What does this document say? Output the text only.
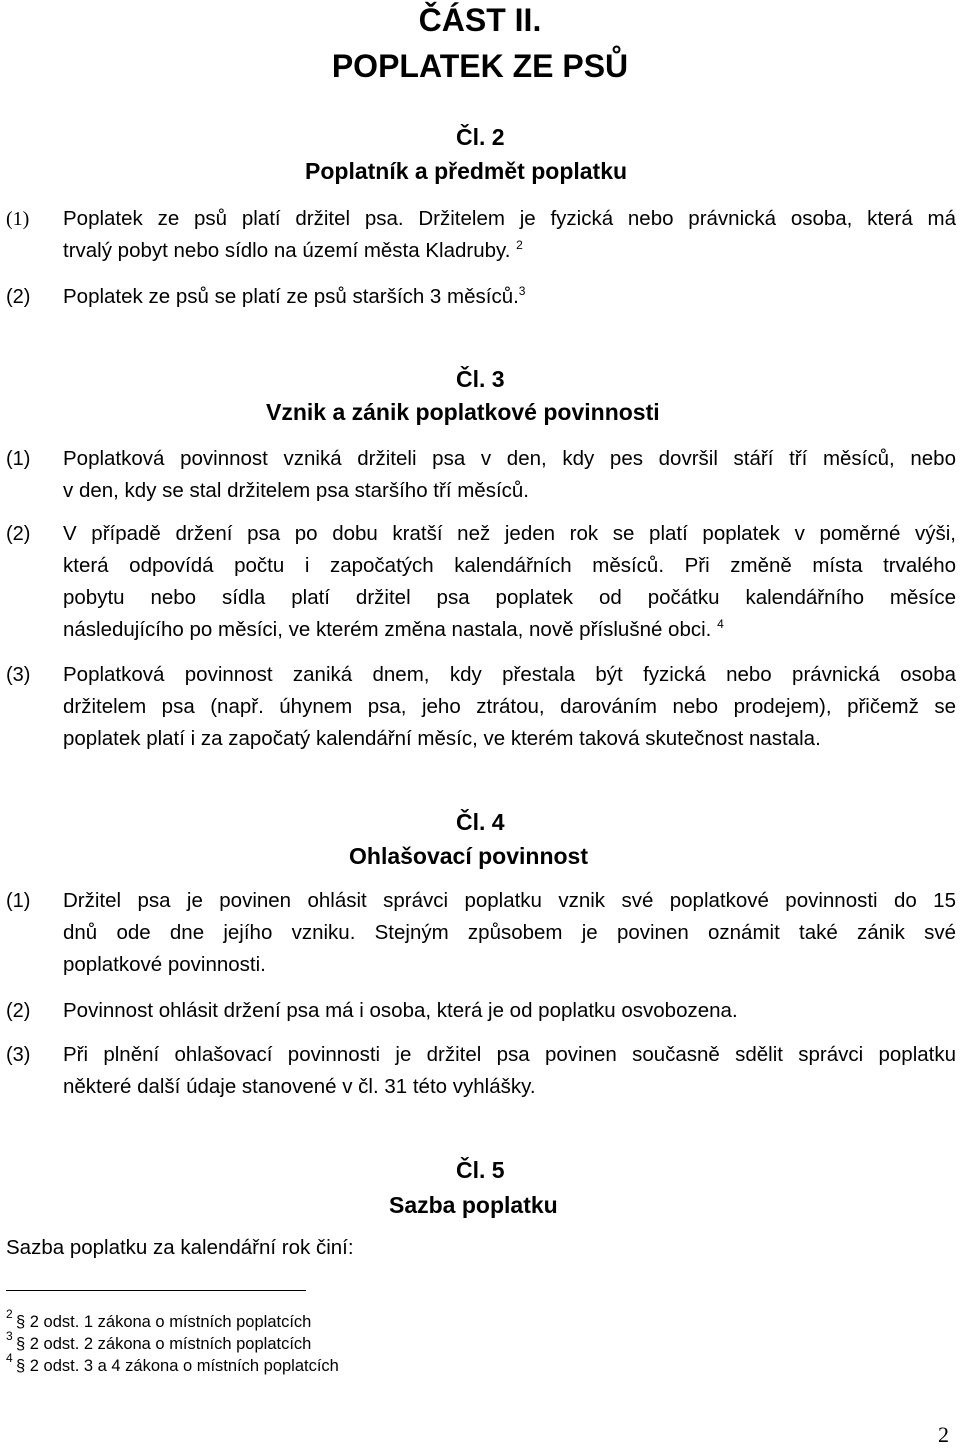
ČÁST II.
POPLATEK ZE PSŮ
Čl. 2
Poplatník a předmět poplatku
(1) Poplatek ze psů platí držitel psa. Držitelem je fyzická nebo právnická osoba, která má
trvalý pobyt nebo sídlo na území města Kladruby. $^2$
(2) Poplatek ze psů se platí ze psů starších 3 měsíců.$^3$
Čl. 3
Vznik a zánik poplatkové povinnosti
(1) Poplatková povinnost vzniká držiteli psa v den, kdy pes dovršil stáří tří měsíců, nebo
v den, kdy se stal držitelem psa staršího tří měsíců.
(2) V případě držení psa po dobu kratší než jeden rok se platí poplatek v poměrné výši,
která odpovídá počtu i započatých kalendářních měsíců. Při změně místa trvalého
pobytu nebo sídla platí držitel psa poplatek od počátku kalendářního měsíce
následujícího po měsíci, ve kterém změna nastala, nově příslušné obci. $^4$
(3) Poplatková povinnost zaniká dnem, kdy přestala být fyzická nebo právnická osoba
držitelem psa (např. úhynem psa, jeho ztrátou, darováním nebo prodejem), přičemž se
poplatek platí i za započatý kalendářní měsíc, ve kterém taková skutečnost nastala.
Čl. 4
Ohlašovací povinnost
(1) Držitel psa je povinen ohlásit správci poplatku vznik své poplatkové povinnosti do 15
dnů ode dne jejího vzniku. Stejným způsobem je povinen oznámit také zánik své
poplatkové povinnosti.
(2) Povinnost ohlásit držení psa má i osoba, která je od poplatku osvobozena.
(3) Při plnění ohlašovací povinnosti je držitel psa povinen současně sdělit správci poplatku
některé další údaje stanovené v čl. 31 této vyhlášky.
Čl. 5
Sazba poplatku
Sazba poplatku za kalendářní rok činí:
2 § 2 odst. 1 zákona o místních poplatcích
3 § 2 odst. 2 zákona o místních poplatcích
4 § 2 odst. 3 a 4 zákona o místních poplatcích
2
